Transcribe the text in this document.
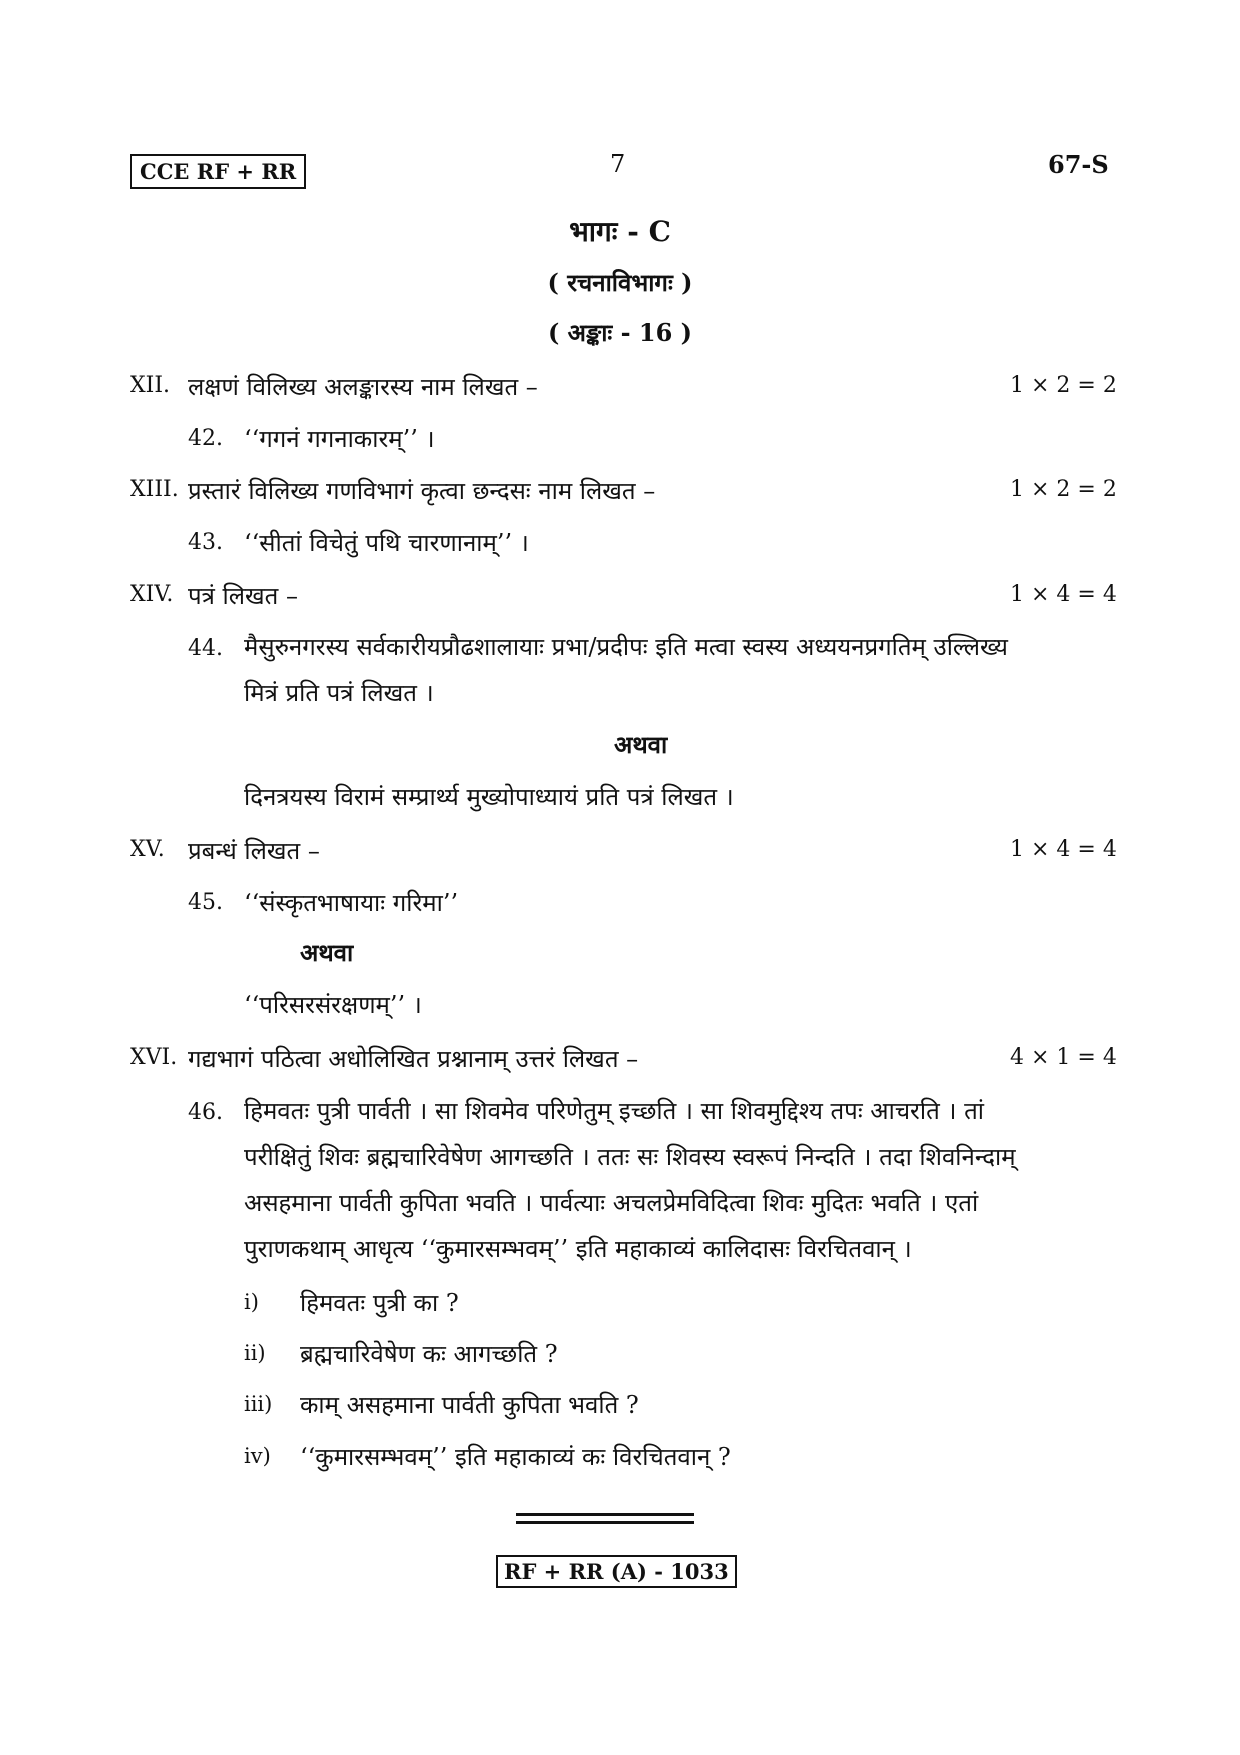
CCE RF + RR	7	67-S
भागः - C
( रचनाविभागः )
( अङ्काः - 16 )
XII. लक्षणं विलिख्य अलङ्कारस्य नाम लिखत –	1 × 2 = 2
42. ‘‘गगनं गगनाकारम्’’ ।
XIII. प्रस्तारं विलिख्य गणविभागं कृत्वा छन्दसः नाम लिखत –	1 × 2 = 2
43. ‘‘सीतां विचेतुं पथि चारणानाम्’’ ।
XIV. पत्रं लिखत –	1 × 4 = 4
44. मैसुरुनगरस्य सर्वकारीयप्रौढशालायाः प्रभा/प्रदीपः इति मत्वा स्वस्य अध्ययनप्रगतिम् उल्लिख्य
मित्रं प्रति पत्रं लिखत ।
अथवा
दिनत्रयस्य विरामं सम्प्रार्थ्य मुख्योपाध्यायं प्रति पत्रं लिखत ।
XV. प्रबन्धं लिखत –	1 × 4 = 4
45. ‘‘संस्कृतभाषायाः गरिमा’’
अथवा
‘‘परिसरसंरक्षणम्’’ ।
XVI. गद्यभागं पठित्वा अधोलिखित प्रश्नानाम् उत्तरं लिखत –	4 × 1 = 4
46. हिमवतः पुत्री पार्वती । सा शिवमेव परिणेतुम् इच्छति । सा शिवमुद्दिश्य तपः आचरति । तां
परीक्षितुं शिवः ब्रह्मचारिवेषेण आगच्छति । ततः सः शिवस्य स्वरूपं निन्दति । तदा शिवनिन्दाम्
असहमाना पार्वती कुपिता भवति । पार्वत्याः अचलप्रेमविदित्वा शिवः मुदितः भवति । एतां
पुराणकथाम् आधृत्य ‘‘कुमारसम्भवम्’’ इति महाकाव्यं कालिदासः विरचितवान् ।
i) हिमवतः पुत्री का ?
ii) ब्रह्मचारिवेषेण कः आगच्छति ?
iii) काम् असहमाना पार्वती कुपिता भवति ?
iv) ‘‘कुमारसम्भवम्’’ इति महाकाव्यं कः विरचितवान् ?
RF + RR (A) - 1033
